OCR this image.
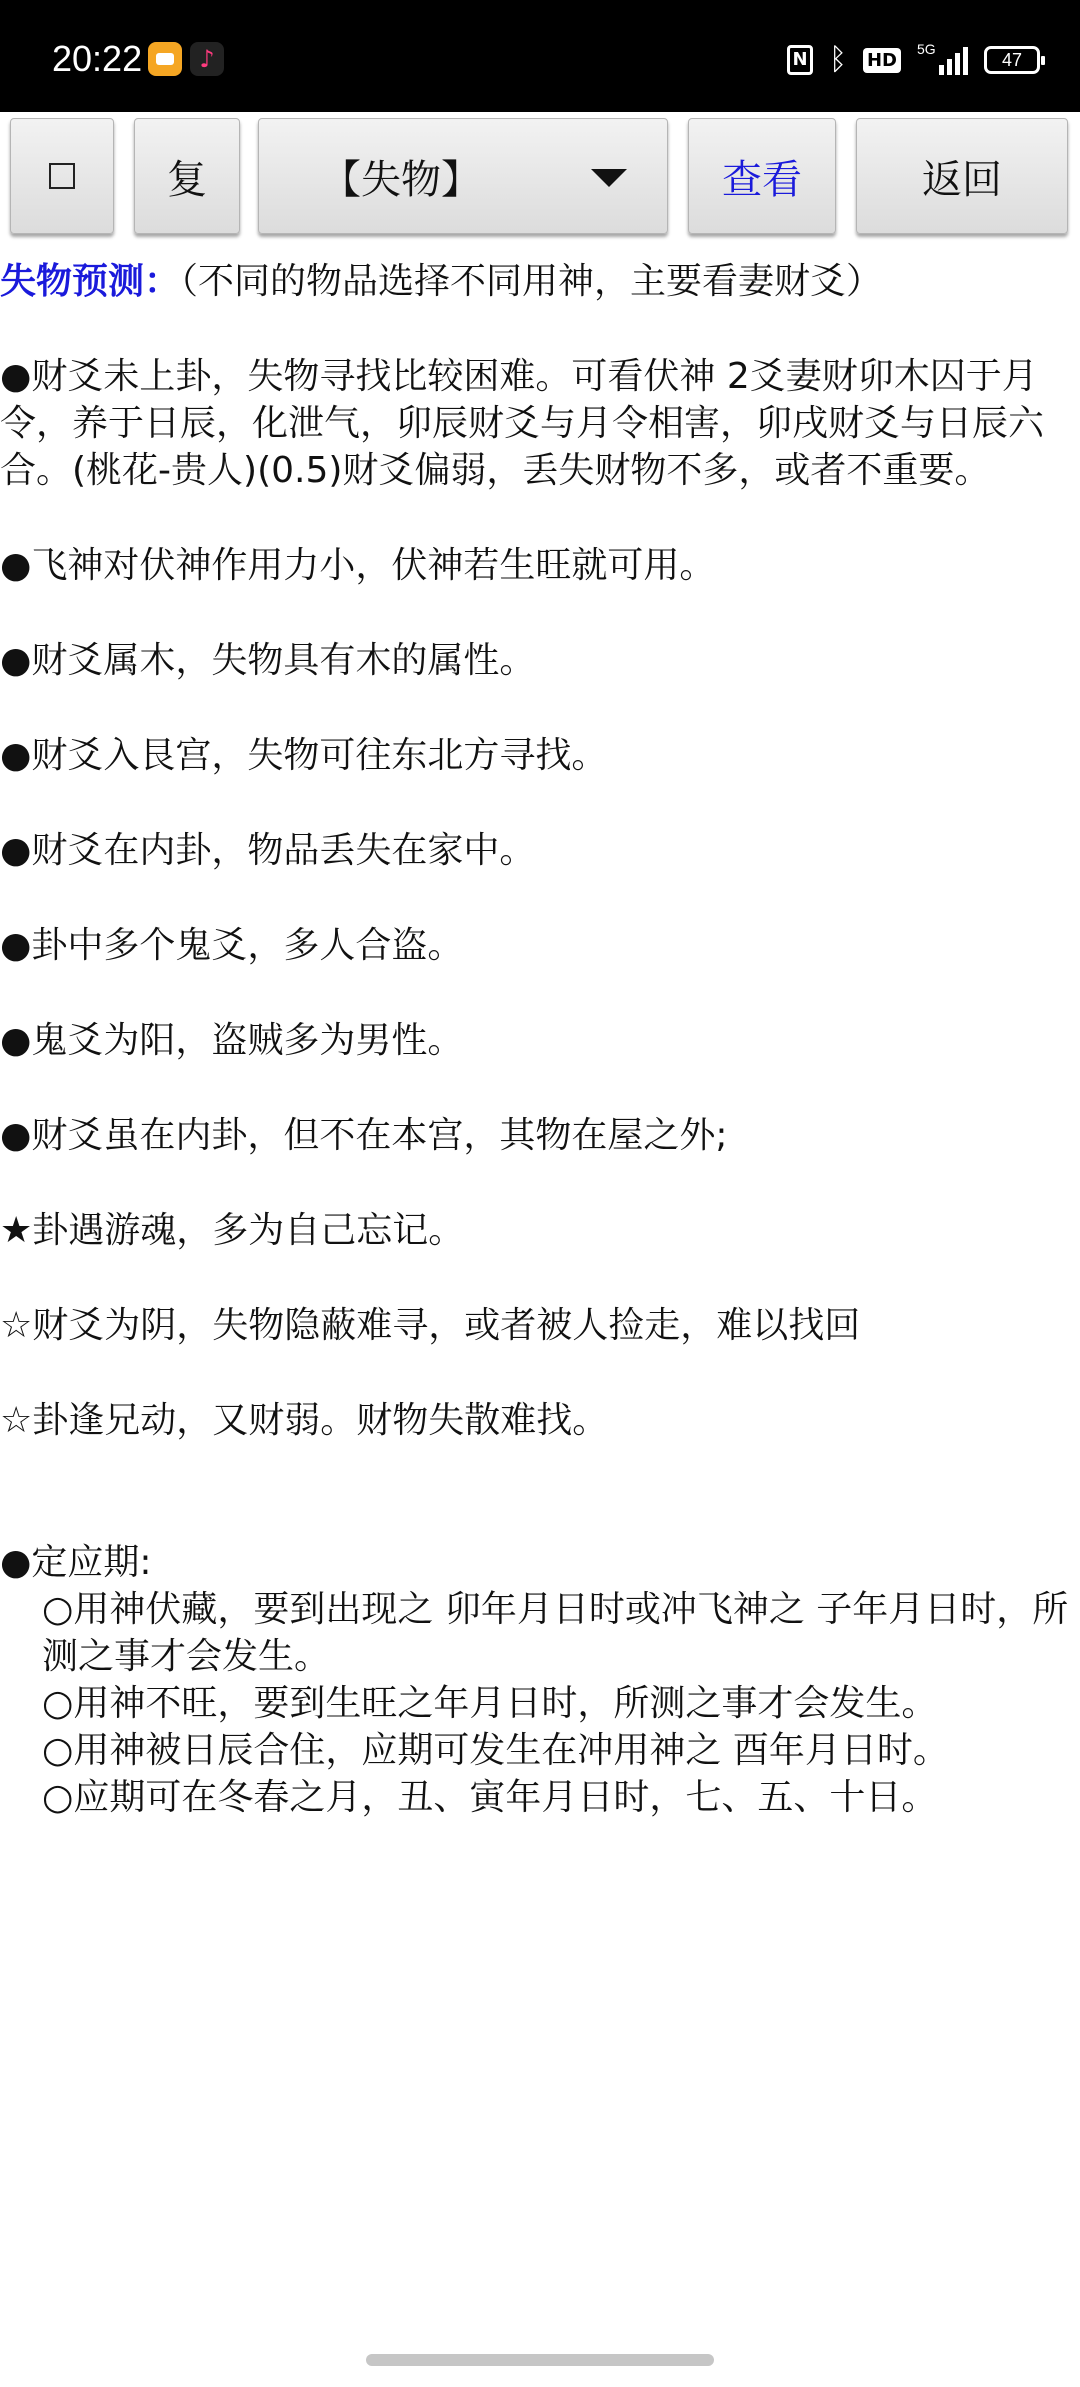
20:22	♪	N ᛒ HD
5G
47
复	【失物】	查看	返回

失物预测：（不同的物品选择不同用神，主要看妻财爻）

●财爻未上卦，失物寻找比较困难。可看伏神 2爻妻财卯木囚于月令，养于日辰，化泄气，卯辰财爻与月令相害，卯戌财爻与日辰六合。(桃花-贵人)(0.5)财爻偏弱，丢失财物不多，或者不重要。

●飞神对伏神作用力小，伏神若生旺就可用。

●财爻属木，失物具有木的属性。

●财爻入艮宫，失物可往东北方寻找。

●财爻在内卦，物品丢失在家中。

●卦中多个鬼爻，多人合盗。

●鬼爻为阳，盗贼多为男性。

●财爻虽在内卦，但不在本宫，其物在屋之外;

★卦遇游魂，多为自己忘记。

☆财爻为阴，失物隐蔽难寻，或者被人捡走，难以找回

☆卦逢兄动，又财弱。财物失散难找。

●定应期:

○用神伏藏，要到出现之 卯年月日时或冲飞神之 子年月日时，所测之事才会发生。

○用神不旺，要到生旺之年月日时，所测之事才会发生。

○用神被日辰合住，应期可发生在冲用神之 酉年月日时。

○应期可在冬春之月，丑、寅年月日时，七、五、十日。
